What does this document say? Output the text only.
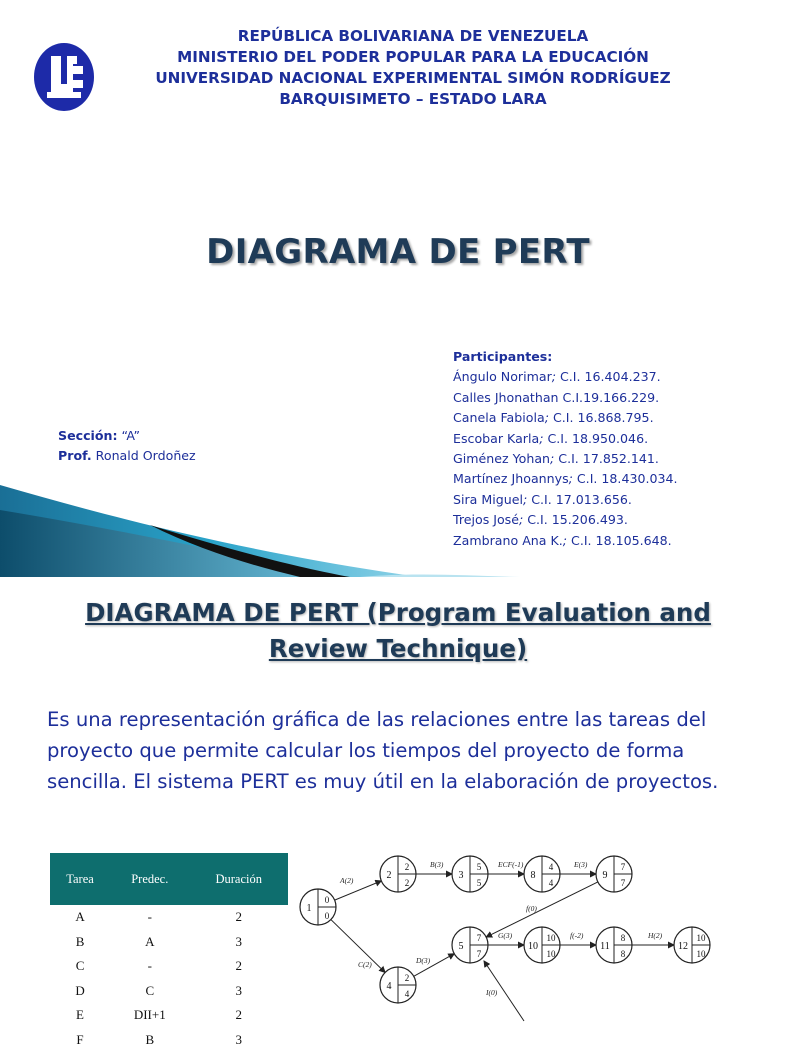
REPÚBLICA BOLIVARIANA DE VENEZUELA
MINISTERIO DEL PODER POPULAR PARA LA EDUCACIÓN
UNIVERSIDAD NACIONAL EXPERIMENTAL SIMÓN RODRÍGUEZ
BARQUISIMETO – ESTADO LARA
DIAGRAMA DE PERT
Participantes:
Ángulo Norimar; C.I. 16.404.237.
Calles Jhonathan C.I.19.166.229.
Canela Fabiola; C.I. 16.868.795.
Escobar Karla; C.I. 18.950.046.
Giménez Yohan; C.I. 17.852.141.
Martínez Jhoannys; C.I. 18.430.034.
Sira Miguel; C.I. 17.013.656.
Trejos José; C.I. 15.206.493.
Zambrano Ana K.; C.I. 18.105.648.
Sección: “A”
Prof. Ronald Ordoñez
DIAGRAMA DE PERT (Program Evaluation and Review Technique)
Es una representación gráfica de las relaciones entre las tareas del proyecto que permite calcular los tiempos del proyecto de forma sencilla. El sistema PERT es muy útil en la elaboración de proyectos.
Tarea	Predec.	Duración
A	-	2
B	A	3
C	-	2
D	C	3
E	DII+1	2
F	B	3
A(2)
B(3)	ECF(-1)	E(3)
f(0)
C(2)	D(3)
G(3)	f(-2)	H(2)
I(0)
1
0
0
2
2
2
3
5
5
8
4
4
9
7
7
4
2
4
5
7
7
10
10
10
11
8
8
12
10
10
